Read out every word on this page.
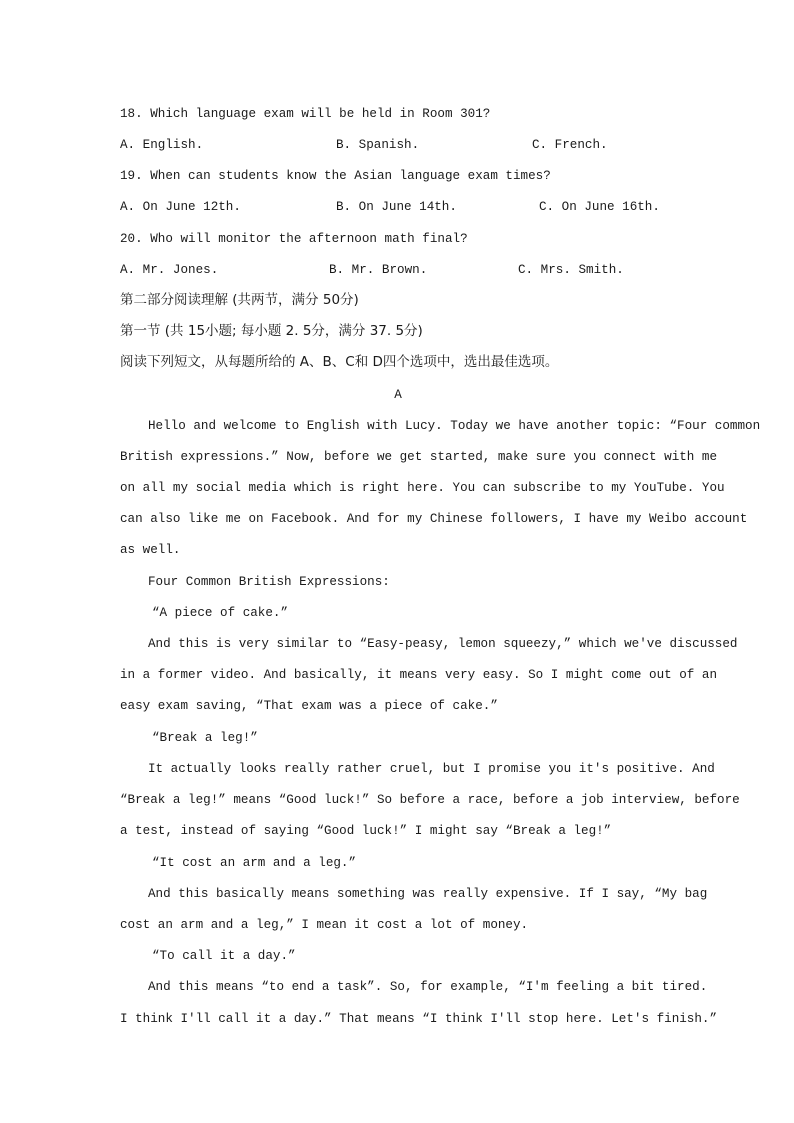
18. Which language exam will be held in Room 301?
A. English.	B. Spanish.	C. French.
19. When can students know the Asian language exam times?
A. On June 12th.	B. On June 14th.	C. On June 16th.
20. Who will monitor the afternoon math final?
A. Mr. Jones.	B. Mr. Brown.	C. Mrs. Smith.
第二部分阅读理解 (共两节，满分 50分)
第一节 (共 15小题; 每小题 2. 5分，满分 37. 5分)
阅读下列短文，从每题所给的 A、B、C和 D四个选项中，选出最佳选项。
A
Hello and welcome to English with Lucy. Today we have another topic: “Four common
British expressions.” Now, before we get started, make sure you connect with me
on all my social media which is right here. You can subscribe to my YouTube. You
can also like me on Facebook. And for my Chinese followers, I have my Weibo account
as well.
Four Common British Expressions:
“A piece of cake.”
And this is very similar to “Easy-peasy, lemon squeezy,” which we've discussed
in a former video. And basically, it means very easy. So I might come out of an
easy exam saving, “That exam was a piece of cake.”
“Break a leg!”
It actually looks really rather cruel, but I promise you it's positive. And
“Break a leg!” means “Good luck!” So before a race, before a job interview, before
a test, instead of saying “Good luck!” I might say “Break a leg!”
“It cost an arm and a leg.”
And this basically means something was really expensive. If I say, “My bag
cost an arm and a leg,” I mean it cost a lot of money.
“To call it a day.”
And this means “to end a task”. So, for example, “I'm feeling a bit tired.
I think I'll call it a day.” That means “I think I'll stop here. Let's finish.”
